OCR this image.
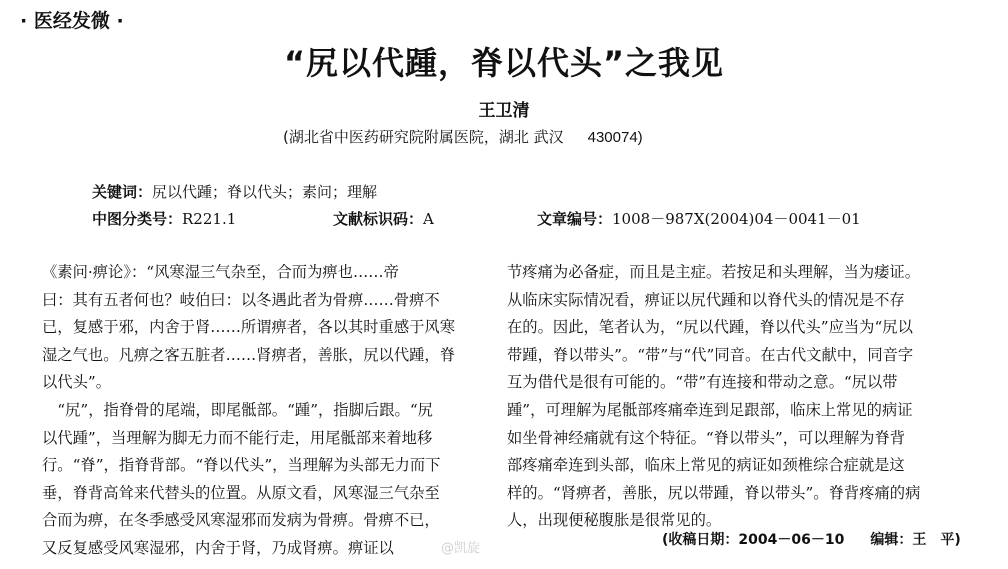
· 医经发微 ·
“尻以代踵，脊以代头”之我见
王卫清
(湖北省中医药研究院附属医院，湖北 武汉 430074)
关键词：尻以代踵；脊以代头；素问；理解
中图分类号：R221.1	文献标识码：A	文章编号：1008－987X(2004)04－0041－01
《素问·痹论》：“风寒湿三气杂至，合而为痹也……帝
曰：其有五者何也？岐伯曰：以冬遇此者为骨痹……骨痹不
已，复感于邪，内舍于肾……所谓痹者，各以其时重感于风寒
湿之气也。凡痹之客五脏者……肾痹者，善胀，尻以代踵，脊
以代头”。
　“尻”，指脊骨的尾端，即尾骶部。“踵”，指脚后跟。“尻
以代踵”，当理解为脚无力而不能行走，用尾骶部来着地移
行。“脊”，指脊背部。“脊以代头”，当理解为头部无力而下
垂，脊背高耸来代替头的位置。从原文看，风寒湿三气杂至
合而为痹，在冬季感受风寒湿邪而发病为骨痹。骨痹不已，
又反复感受风寒湿邪，内舍于肾，乃成肾痹。痹证以
节疼痛为必备症，而且是主症。若按足和头理解，当为痿证。
从临床实际情况看，痹证以尻代踵和以脊代头的情况是不存
在的。因此，笔者认为，“尻以代踵，脊以代头”应当为“尻以
带踵，脊以带头”。“带”与“代”同音。在古代文献中，同音字
互为借代是很有可能的。“带”有连接和带动之意。“尻以带
踵”，可理解为尾骶部疼痛牵连到足跟部，临床上常见的病证
如坐骨神经痛就有这个特征。“脊以带头”，可以理解为脊背
部疼痛牵连到头部，临床上常见的病证如颈椎综合症就是这
样的。“肾痹者，善胀，尻以带踵，脊以带头”。脊背疼痛的病
人，出现便秘腹胀是很常见的。
@凯旋
(收稿日期：2004－06－10 编辑：王　平)
